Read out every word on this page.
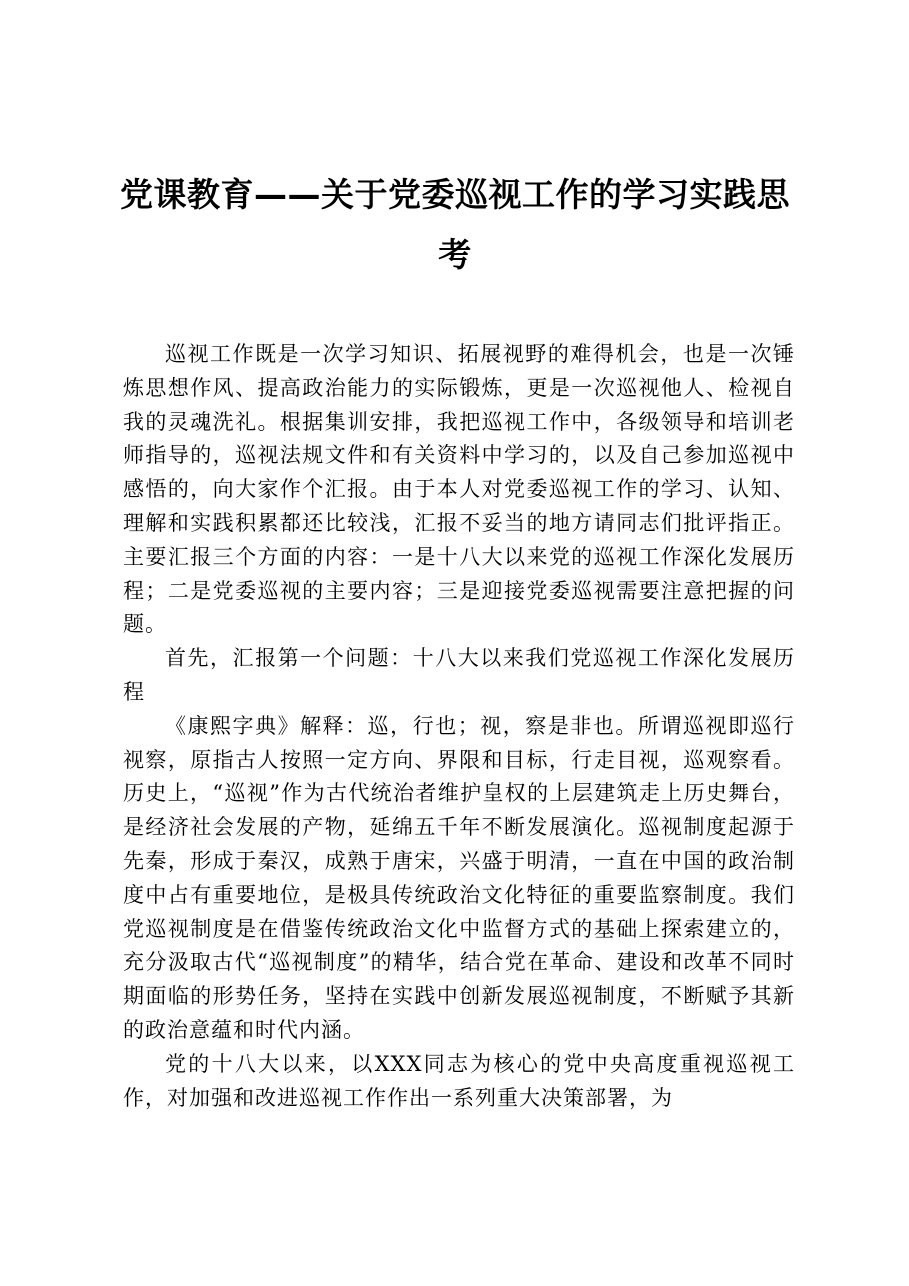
党课教育——关于党委巡视工作的学习实践思考

巡视工作既是一次学习知识、拓展视野的难得机会，也是一次锤炼思想作风、提高政治能力的实际锻炼，更是一次巡视他人、检视自我的灵魂洗礼。根据集训安排，我把巡视工作中，各级领导和培训老师指导的，巡视法规文件和有关资料中学习的，以及自己参加巡视中感悟的，向大家作个汇报。由于本人对党委巡视工作的学习、认知、理解和实践积累都还比较浅，汇报不妥当的地方请同志们批评指正。主要汇报三个方面的内容：一是十八大以来党的巡视工作深化发展历程；二是党委巡视的主要内容；三是迎接党委巡视需要注意把握的问题。

首先，汇报第一个问题：十八大以来我们党巡视工作深化发展历程

《康熙字典》解释：巡，行也；视，察是非也。所谓巡视即巡行视察，原指古人按照一定方向、界限和目标，行走目视，巡观察看。历史上，“巡视”作为古代统治者维护皇权的上层建筑走上历史舞台，是经济社会发展的产物，延绵五千年不断发展演化。巡视制度起源于先秦，形成于秦汉，成熟于唐宋，兴盛于明清，一直在中国的政治制度中占有重要地位，是极具传统政治文化特征的重要监察制度。我们党巡视制度是在借鉴传统政治文化中监督方式的基础上探索建立的，充分汲取古代“巡视制度”的精华，结合党在革命、建设和改革不同时期面临的形势任务，坚持在实践中创新发展巡视制度，不断赋予其新的政治意蕴和时代内涵。

党的十八大以来，以XXX同志为核心的党中央高度重视巡视工作，对加强和改进巡视工作作出一系列重大决策部署，为
